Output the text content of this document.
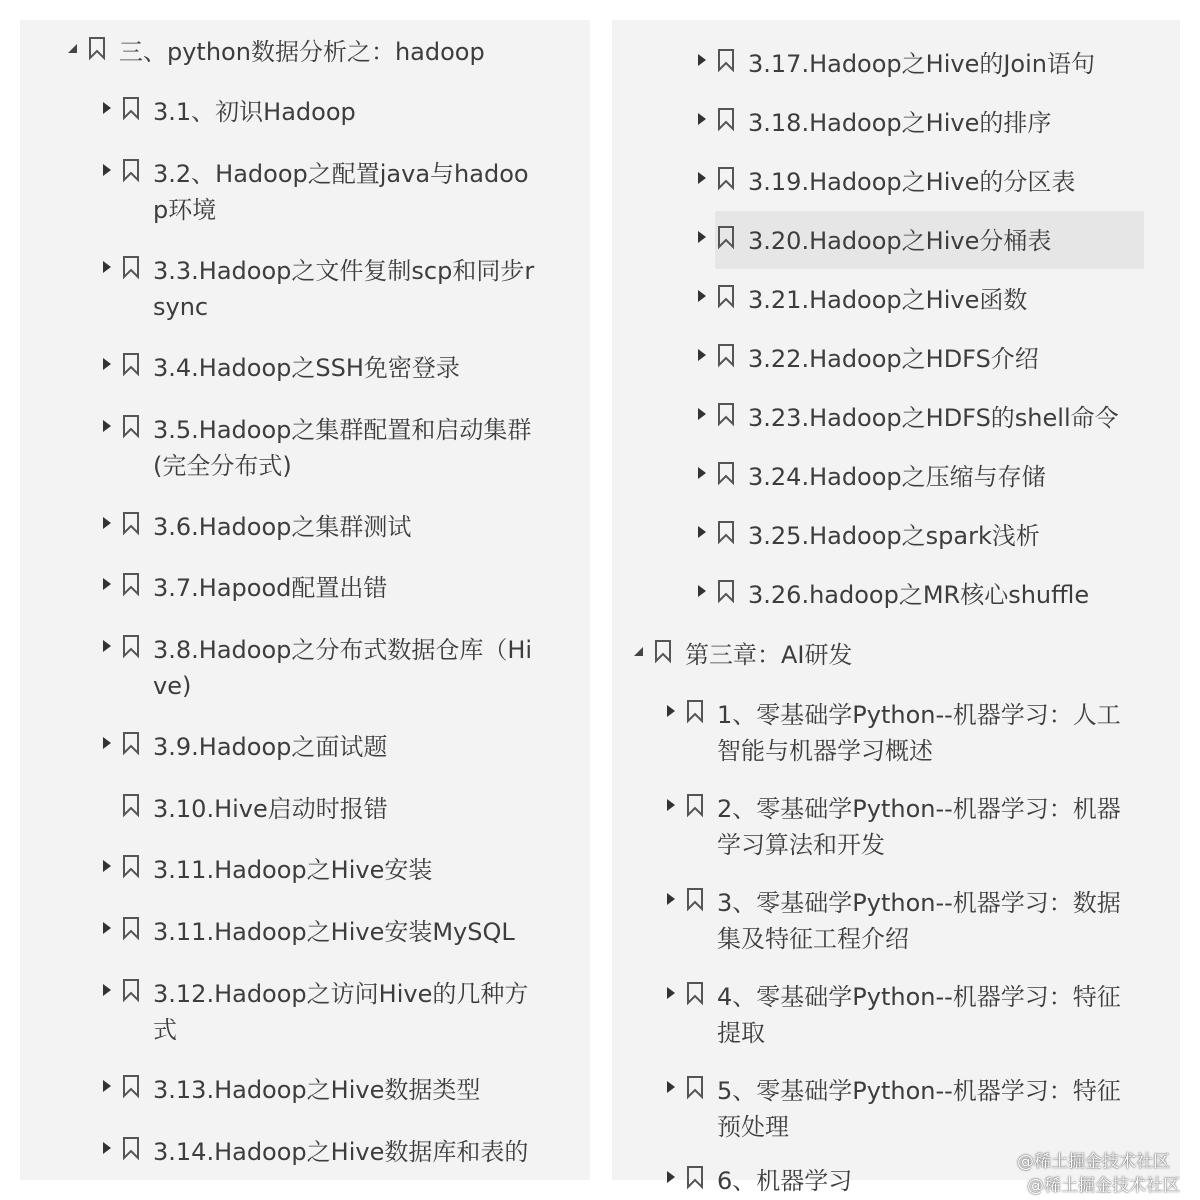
三、python数据分析之：hadoop
3.1、初识Hadoop
3.2、Hadoop之配置java与hadoop环境
3.3.Hadoop之文件复制scp和同步rsync
3.4.Hadoop之SSH免密登录
3.5.Hadoop之集群配置和启动集群(完全分布式)
3.6.Hadoop之集群测试
3.7.Hapood配置出错
3.8.Hadoop之分布式数据仓库（Hive)
3.9.Hadoop之面试题
3.10.Hive启动时报错
3.11.Hadoop之Hive安装
3.11.Hadoop之Hive安装MySQL
3.12.Hadoop之访问Hive的几种方式
3.13.Hadoop之Hive数据类型
3.14.Hadoop之Hive数据库和表的
3.17.Hadoop之Hive的Join语句
3.18.Hadoop之Hive的排序
3.19.Hadoop之Hive的分区表
3.20.Hadoop之Hive分桶表
3.21.Hadoop之Hive函数
3.22.Hadoop之HDFS介绍
3.23.Hadoop之HDFS的shell命令
3.24.Hadoop之压缩与存储
3.25.Hadoop之spark浅析
3.26.hadoop之MR核心shuffle
第三章：AI研发
1、零基础学Python--机器学习：人工智能与机器学习概述
2、零基础学Python--机器学习：机器学习算法和开发
3、零基础学Python--机器学习：数据集及特征工程介绍
4、零基础学Python--机器学习：特征提取
5、零基础学Python--机器学习：特征预处理
6、机器学习
@稀土掘金技术社区
@稀土掘金技术社区
